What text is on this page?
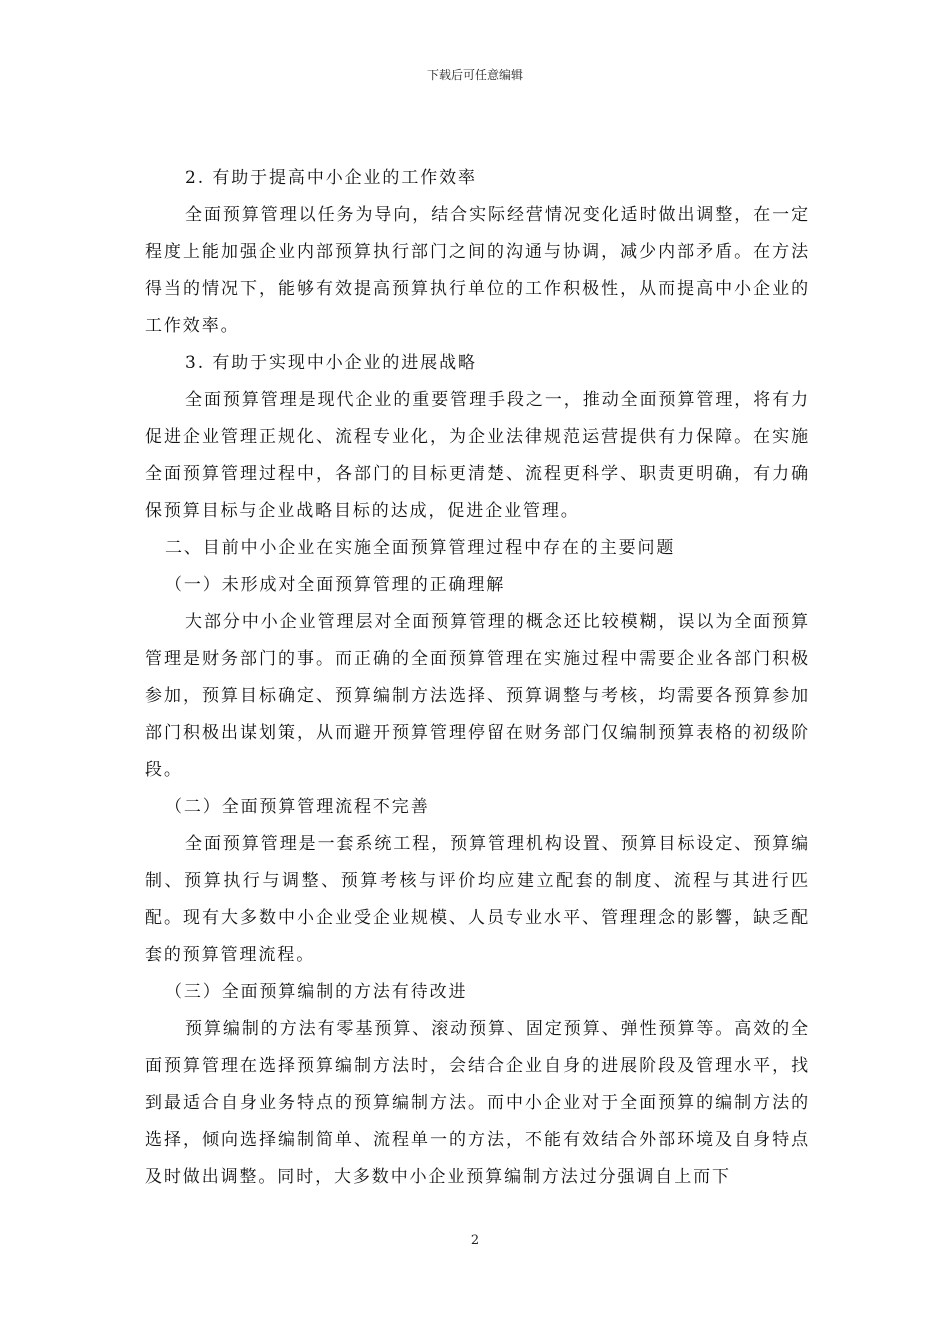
下载后可任意编辑

2. 有助于提高中小企业的工作效率

全面预算管理以任务为导向，结合实际经营情况变化适时做出调整，在一定程度上能加强企业内部预算执行部门之间的沟通与协调，减少内部矛盾。在方法得当的情况下，能够有效提高预算执行单位的工作积极性，从而提高中小企业的工作效率。

3. 有助于实现中小企业的进展战略

全面预算管理是现代企业的重要管理手段之一，推动全面预算管理，将有力促进企业管理正规化、流程专业化，为企业法律规范运营提供有力保障。在实施全面预算管理过程中，各部门的目标更清楚、流程更科学、职责更明确，有力确保预算目标与企业战略目标的达成，促进企业管理。

二、目前中小企业在实施全面预算管理过程中存在的主要问题

（一）未形成对全面预算管理的正确理解

大部分中小企业管理层对全面预算管理的概念还比较模糊，误以为全面预算管理是财务部门的事。而正确的全面预算管理在实施过程中需要企业各部门积极参加，预算目标确定、预算编制方法选择、预算调整与考核，均需要各预算参加部门积极出谋划策，从而避开预算管理停留在财务部门仅编制预算表格的初级阶段。

（二）全面预算管理流程不完善

全面预算管理是一套系统工程，预算管理机构设置、预算目标设定、预算编制、预算执行与调整、预算考核与评价均应建立配套的制度、流程与其进行匹配。现有大多数中小企业受企业规模、人员专业水平、管理理念的影響，缺乏配套的预算管理流程。

（三）全面预算编制的方法有待改进

预算编制的方法有零基预算、滚动预算、固定预算、弹性预算等。高效的全面预算管理在选择预算编制方法时，会结合企业自身的进展阶段及管理水平，找到最适合自身业务特点的预算编制方法。而中小企业对于全面预算的编制方法的选择，倾向选择编制简单、流程单一的方法，不能有效结合外部环境及自身特点及时做出调整。同时，大多数中小企业预算编制方法过分强调自上而下

2
